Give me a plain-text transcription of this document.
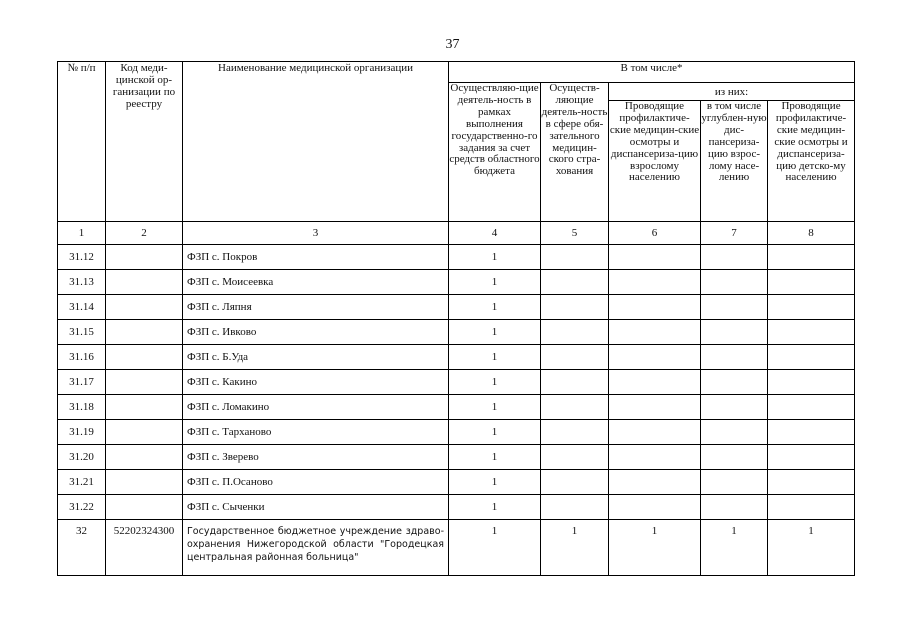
37
№ п/п	Код меди-цинской ор-ганизации по реестру	Наименование медицинской организации	В том числе*				
			Осуществляю-щие деятель-ность в рамках выполнения государственно-го задания за счет средств областного бюджета	Осуществ-ляющие деятель-ность в сфере обя-зательного медицин-ского стра-хования	из них:		
					Проводящие профилактиче-ские медицин-ские осмотры и диспансериза-цию взрослому населению	в том числе углублен-ную дис-пансериза-цию взрос-лому насе-лению	Проводящие профилактиче-ские медицин-ские осмотры и диспансериза-цию детско-му населению
1	2	3	4	5	6	7	8
31.12		ФЗП с. Покров	1				
31.13		ФЗП с. Моисеевка	1				
31.14		ФЗП с. Ляпня	1				
31.15		ФЗП с. Ивково	1				
31.16		ФЗП с. Б.Уда	1				
31.17		ФЗП с. Какино	1				
31.18		ФЗП с. Ломакино	1				
31.19		ФЗП с. Тарханово	1				
31.20		ФЗП с. Зверево	1				
31.21		ФЗП с. П.Осаново	1				
31.22		ФЗП с. Сыченки	1				
32	52202324300	Государственное бюджетное учреждение здраво-охранения Нижегородской области "Городецкая центральная районная больница"	1	1	1	1	1
